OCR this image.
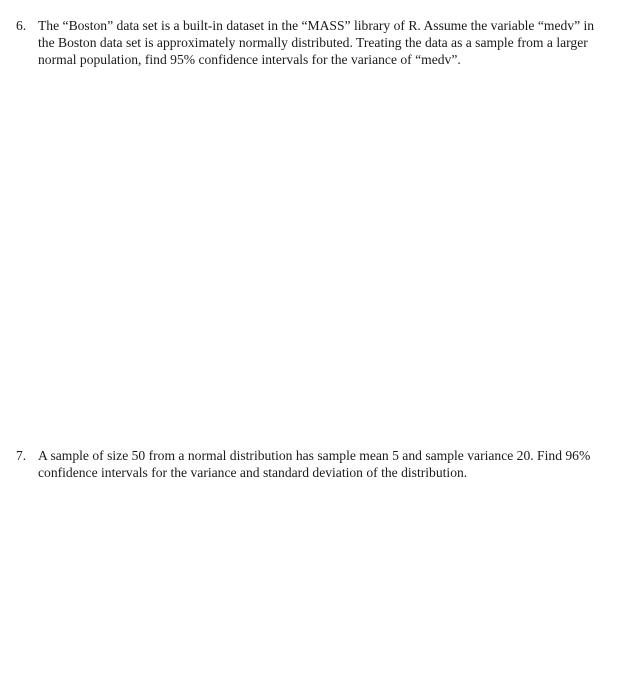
6. The “Boston” data set is a built-in dataset in the “MASS” library of R. Assume the variable “medv” in
the Boston data set is approximately normally distributed. Treating the data as a sample from a larger
normal population, find 95% confidence intervals for the variance of “medv”.
7. A sample of size 50 from a normal distribution has sample mean 5 and sample variance 20. Find 96%
confidence intervals for the variance and standard deviation of the distribution.
